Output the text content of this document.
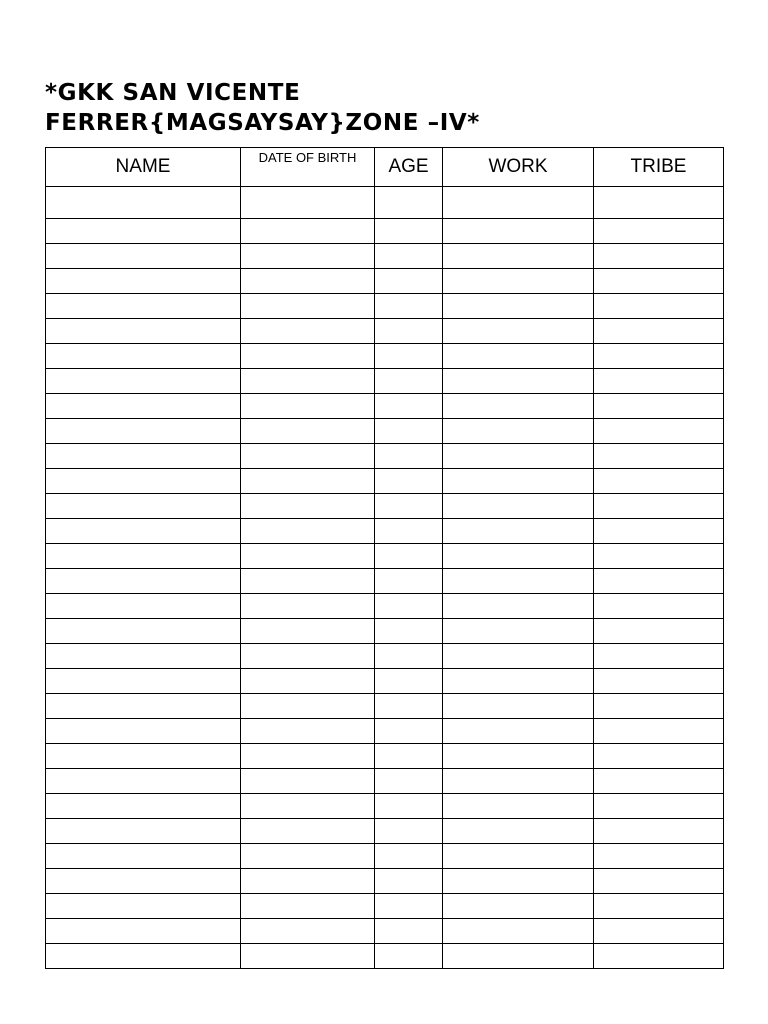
*GKK SAN VICENTE
FERRER{MAGSAYSAY}ZONE –IV*
NAME	DATE OF BIRTH	AGE	WORK	TRIBE
